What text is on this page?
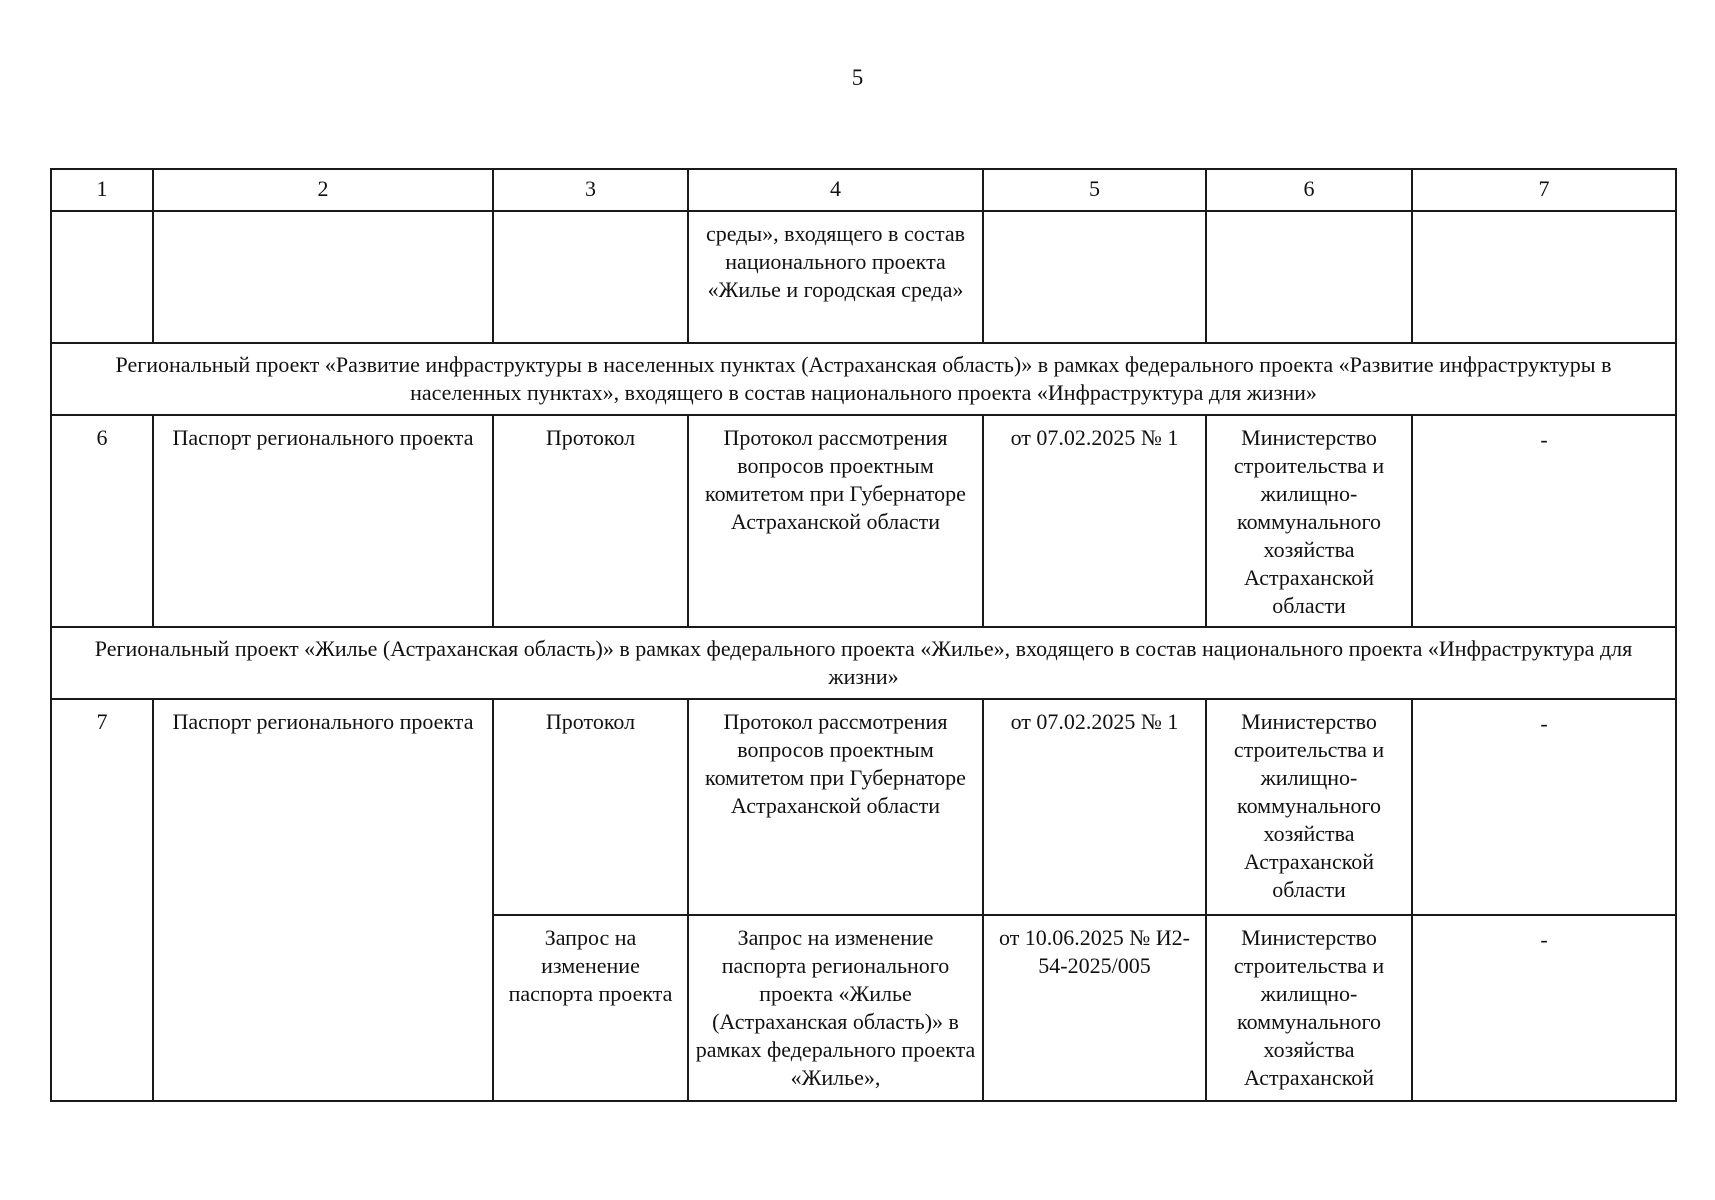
5
1	2	3	4	5	6	7
			среды», входящего в состав национального проекта «Жилье и городская среда»			
Региональный проект «Развитие инфраструктуры в населенных пунктах (Астраханская область)» в рамках федерального проекта «Развитие инфраструктуры в населенных пунктах», входящего в состав национального проекта «Инфраструктура для жизни»						
6	Паспорт регионального проекта	Протокол	Протокол рассмотрения вопросов проектным комитетом при Губернаторе Астраханской области	от 07.02.2025 № 1	Министерство строительства и жилищно-коммунального хозяйства Астраханской области	-
Региональный проект «Жилье (Астраханская область)» в рамках федерального проекта «Жилье», входящего в состав национального проекта «Инфраструктура для жизни»						
7	Паспорт регионального проекта	Протокол	Протокол рассмотрения вопросов проектным комитетом при Губернаторе Астраханской области	от 07.02.2025 № 1	Министерство строительства и жилищно-коммунального хозяйства Астраханской области	-
		Запрос на изменение паспорта проекта	Запрос на изменение паспорта регионального проекта «Жилье (Астраханская область)» в рамках федерального проекта «Жилье»,	от 10.06.2025 № И2-54-2025/005	Министерство строительства и жилищно-коммунального хозяйства Астраханской	-
